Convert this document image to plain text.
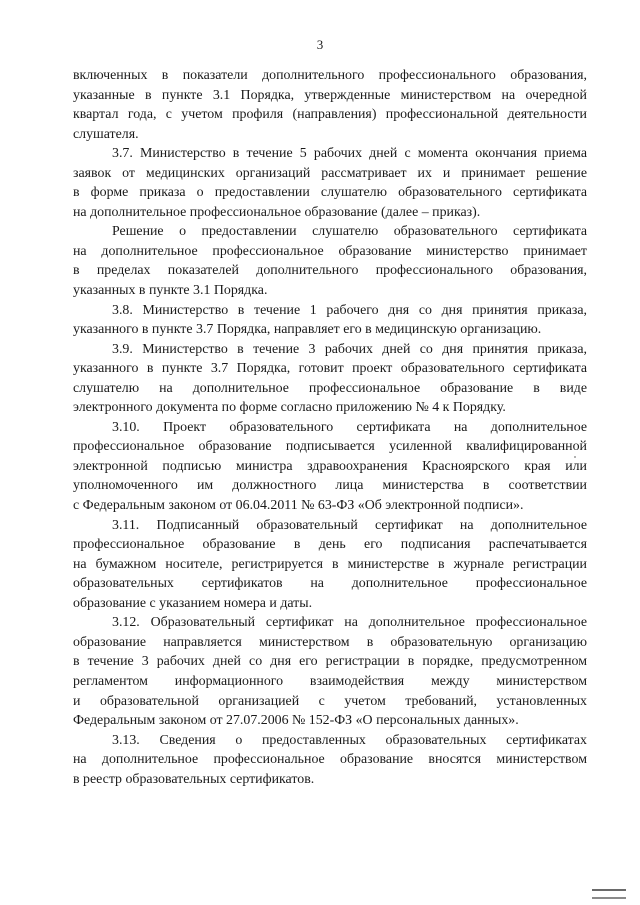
3
включенных в показатели дополнительного профессионального образования,
указанные в пункте 3.1 Порядка, утвержденные министерством на очередной
квартал года, с учетом профиля (направления) профессиональной деятельности
слушателя.
3.7. Министерство в течение 5 рабочих дней с момента окончания приема
заявок от медицинских организаций рассматривает их и принимает решение
в форме приказа о предоставлении слушателю образовательного сертификата
на дополнительное профессиональное образование (далее – приказ).
Решение о предоставлении слушателю образовательного сертификата
на дополнительное профессиональное образование министерство принимает
в пределах показателей дополнительного профессионального образования,
указанных в пункте 3.1 Порядка.
3.8. Министерство в течение 1 рабочего дня со дня принятия приказа,
указанного в пункте 3.7 Порядка, направляет его в медицинскую организацию.
3.9. Министерство в течение 3 рабочих дней со дня принятия приказа,
указанного в пункте 3.7 Порядка, готовит проект образовательного сертификата
слушателю на дополнительное профессиональное образование в виде
электронного документа по форме согласно приложению № 4 к Порядку.
3.10. Проект образовательного сертификата на дополнительное
профессиональное образование подписывается усиленной квалифицированной
электронной подписью министра здравоохранения Красноярского края или
уполномоченного им должностного лица министерства в соответствии
с Федеральным законом от 06.04.2011 № 63-ФЗ «Об электронной подписи».
3.11. Подписанный образовательный сертификат на дополнительное
профессиональное образование в день его подписания распечатывается
на бумажном носителе, регистрируется в министерстве в журнале регистрации
образовательных сертификатов на дополнительное профессиональное
образование с указанием номера и даты.
3.12. Образовательный сертификат на дополнительное профессиональное
образование направляется министерством в образовательную организацию
в течение 3 рабочих дней со дня его регистрации в порядке, предусмотренном
регламентом информационного взаимодействия между министерством
и образовательной организацией с учетом требований, установленных
Федеральным законом от 27.07.2006 № 152-ФЗ «О персональных данных».
3.13. Сведения о предоставленных образовательных сертификатах
на дополнительное профессиональное образование вносятся министерством
в реестр образовательных сертификатов.
